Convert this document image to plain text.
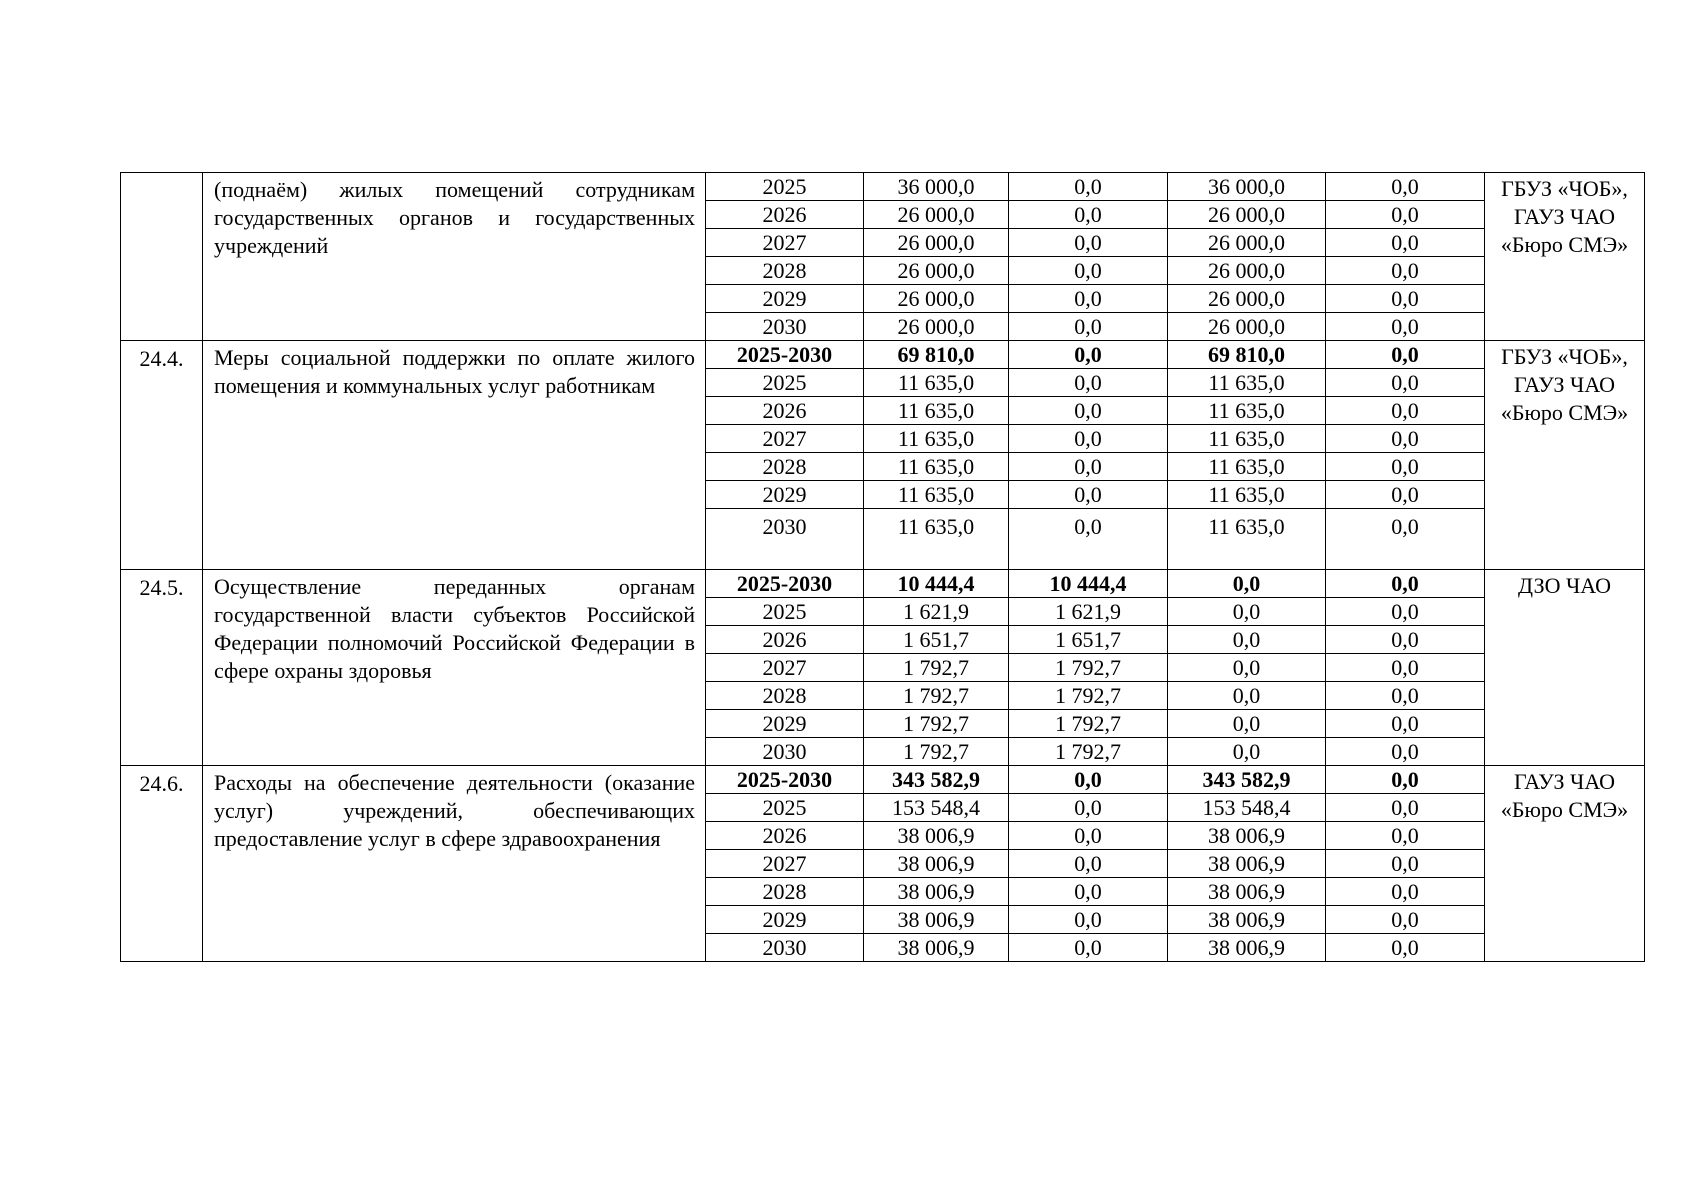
	(поднаём) жилых помещений сотрудникам государственных органов и государственных учреждений	2025	36 000,0	0,0	36 000,0	0,0	ГБУЗ «ЧОБ», ГАУЗ ЧАО «Бюро СМЭ»
		2026	26 000,0	0,0	26 000,0	0,0	
		2027	26 000,0	0,0	26 000,0	0,0	
		2028	26 000,0	0,0	26 000,0	0,0	
		2029	26 000,0	0,0	26 000,0	0,0	
		2030	26 000,0	0,0	26 000,0	0,0	
24.4.	Меры социальной поддержки по оплате жилого помещения и коммунальных услуг работникам	2025-2030	69 810,0	0,0	69 810,0	0,0	ГБУЗ «ЧОБ», ГАУЗ ЧАО «Бюро СМЭ»
		2025	11 635,0	0,0	11 635,0	0,0	
		2026	11 635,0	0,0	11 635,0	0,0	
		2027	11 635,0	0,0	11 635,0	0,0	
		2028	11 635,0	0,0	11 635,0	0,0	
		2029	11 635,0	0,0	11 635,0	0,0	
		2030	11 635,0	0,0	11 635,0	0,0	
24.5.	Осуществление переданных органам государственной власти субъектов Российской Федерации полномочий Российской Федерации в сфере охраны здоровья	2025-2030	10 444,4	10 444,4	0,0	0,0	ДЗО ЧАО
		2025	1 621,9	1 621,9	0,0	0,0	
		2026	1 651,7	1 651,7	0,0	0,0	
		2027	1 792,7	1 792,7	0,0	0,0	
		2028	1 792,7	1 792,7	0,0	0,0	
		2029	1 792,7	1 792,7	0,0	0,0	
		2030	1 792,7	1 792,7	0,0	0,0	
24.6.	Расходы на обеспечение деятельности (оказание услуг) учреждений, обеспечивающих предоставление услуг в сфере здравоохранения	2025-2030	343 582,9	0,0	343 582,9	0,0	ГАУЗ ЧАО «Бюро СМЭ»
		2025	153 548,4	0,0	153 548,4	0,0	
		2026	38 006,9	0,0	38 006,9	0,0	
		2027	38 006,9	0,0	38 006,9	0,0	
		2028	38 006,9	0,0	38 006,9	0,0	
		2029	38 006,9	0,0	38 006,9	0,0	
		2030	38 006,9	0,0	38 006,9	0,0	
